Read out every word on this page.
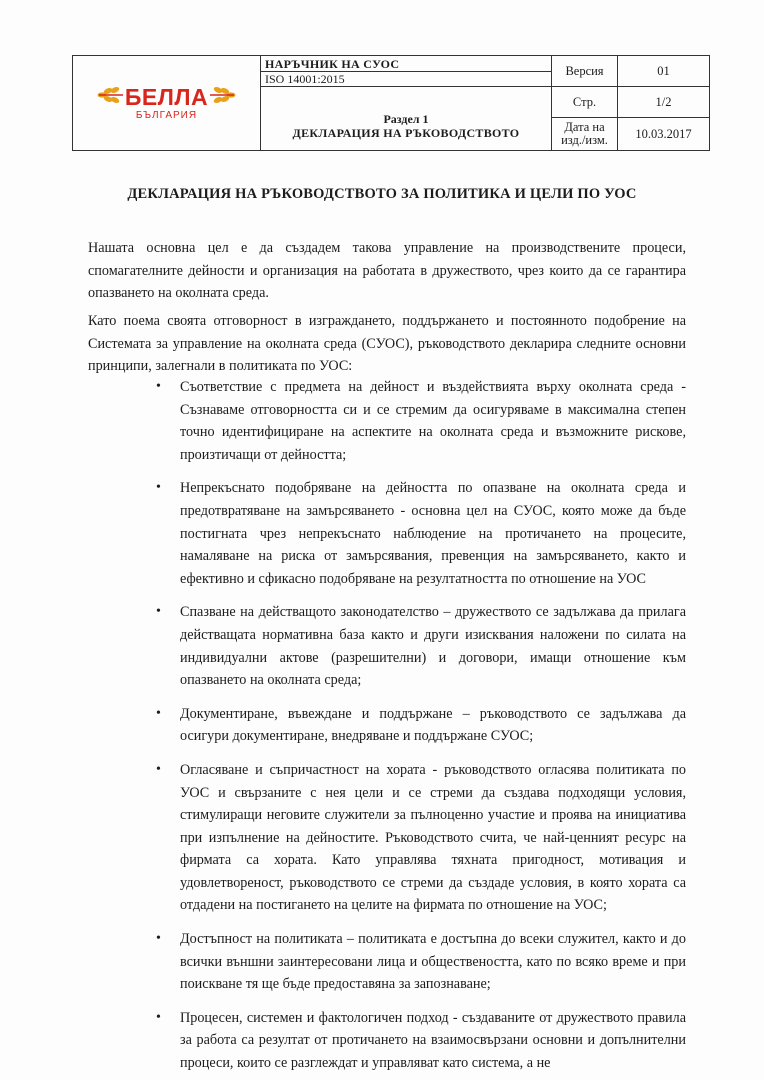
БЕЛЛА
БЪЛГАРИЯ
НАРЪЧНИК НА СУОС
ISO 14001:2015
Раздел 1
ДЕКЛАРАЦИЯ НА РЪКОВОДСТВОТО
Версия	01
Стр.	1/2
Дата на изд./изм.	10.03.2017
ДЕКЛАРАЦИЯ НА РЪКОВОДСТВОТО ЗА ПОЛИТИКА И ЦЕЛИ ПО УОС
Нашата основна цел е да създадем такова управление на производствените процеси, спомагателните дейности и организация на работата в дружеството, чрез които да се гарантира опазването на околната среда.
Като поема своята отговорност в изграждането, поддържането и постоянното подобрение на Системата за управление на околната среда (СУОС), ръководството декларира следните основни принципи, залегнали в политиката по УОС:
• Съответствие с предмета на дейност и въздействията върху околната среда - Съзнаваме отговорността си и се стремим да осигуряваме в максимална степен точно идентифициране на аспектите на околната среда и възможните рискове, произтичащи от дейността;
• Непрекъснато подобряване на дейността по опазване на околната среда и предотвратяване на замърсяването - основна цел на СУОС, която може да бъде постигната чрез непрекъснато наблюдение на протичането на процесите, намаляване на риска от замърсявания, превенция на замърсяването, както и ефективно и сфикасно подобряване на резултатността по отношение на УОС
• Спазване на действащото законодателство – дружеството се задължава да прилага действащата нормативна база както и други изисквания наложени по силата на индивидуални актове (разрешителни) и договори, имащи отношение към опазването на околната среда;
• Документиране, въвеждане и поддържане – ръководството се задължава да осигури документиране, внедряване и поддържане СУОС;
• Огласяване и съпричастност на хората - ръководството огласява политиката по УОС и свързаните с нея цели и се стреми да създава подходящи условия, стимулиращи неговите служители за пълноценно участие и проява на инициатива при изпълнение на дейностите. Ръководството счита, че най-ценният ресурс на фирмата са хората. Като управлява тяхната пригодност, мотивация и удовлетвореност, ръководството се стреми да създаде условия, в която хората са отдадени на постигането на целите на фирмата по отношение на УОС;
• Достъпност на политиката – политиката е достъпна до всеки служител, както и до всички външни заинтересовани лица и обществеността, като по всяко време и при поискване тя ще бъде предоставяна за запознаване;
• Процесен, системен и фактологичен подход - създаваните от дружеството правила за работа са резултат от протичането на взаимосвързани основни и допълнителни процеси, които се разглеждат и управляват като система, а не
